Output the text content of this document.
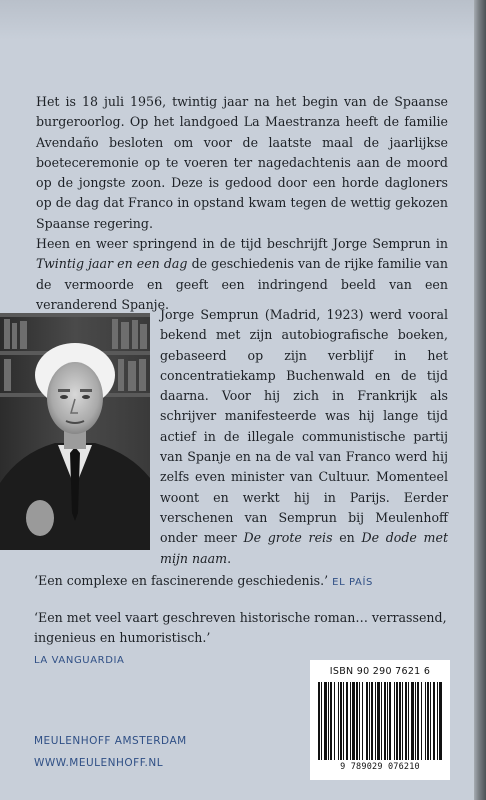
Het is 18 juli 1956, twintig jaar na het begin van de Spaanse burgeroorlog. Op het landgoed La Maestranza heeft de familie Avendaño besloten om voor de laatste maal de jaarlijkse boeteceremonie op te voeren ter nagedachtenis aan de moord op de jongste zoon. Deze is gedood door een horde dagloners op de dag dat Franco in opstand kwam tegen de wettig gekozen Spaanse regering.

Heen en weer springend in de tijd beschrijft Jorge Semprun in Twintig jaar en een dag de geschiedenis van de rijke familie van de vermoorde en geeft een indringend beeld van een veranderend Spanje.

Jorge Semprun (Madrid, 1923) werd vooral bekend met zijn autobiografische boeken, gebaseerd op zijn verblijf in het concentratiekamp Buchenwald en de tijd daarna. Voor hij zich in Frankrijk als schrijver manifesteerde was hij lange tijd actief in de illegale communistische partij van Spanje en na de val van Franco werd hij zelfs even minister van Cultuur. Momenteel woont en werkt hij in Parijs. Eerder verschenen van Semprun bij Meulenhoff onder meer De grote reis en De dode met mijn naam.

‘Een complexe en fascinerende geschiedenis.’ EL PAÍS
‘Een met veel vaart geschreven historische roman… verrassend, ingenieus en humoristisch.’
LA VANGUARDIA
MEULENHOFF AMSTERDAM
WWW.MEULENHOFF.NL
ISBN 90 290 7621 6
9 789029 076210
